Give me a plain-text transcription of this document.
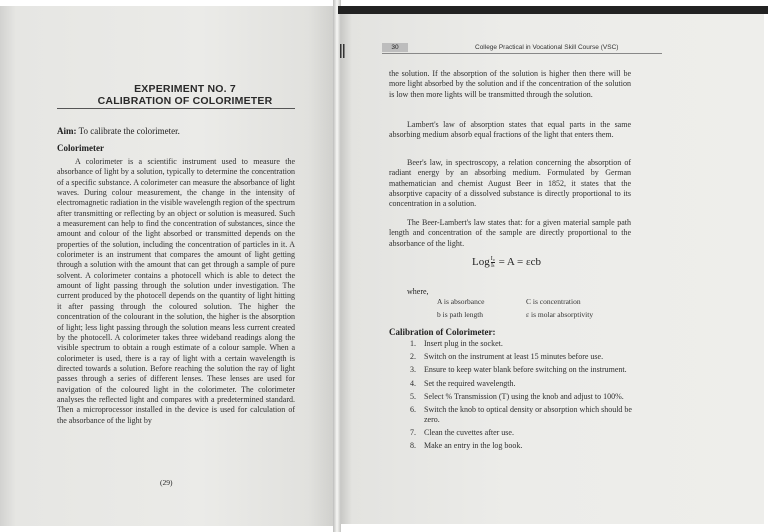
EXPERIMENT NO. 7
CALIBRATION OF COLORIMETER
Aim: To calibrate the colorimeter.
Colorimeter
A colorimeter is a scientific instrument used to measure the absorbance of light by a solution, typically to determine the concentration of a specific substance. A colorimeter can measure the absorbance of light waves. During colour measurement, the change in the intensity of electromagnetic radiation in the visible wavelength region of the spectrum after transmitting or reflecting by an object or solution is measured. Such a measurement can help to find the concentration of substances, since the amount and colour of the light absorbed or transmitted depends on the properties of the solution, including the concentration of particles in it. A colorimeter is an instrument that compares the amount of light getting through a solution with the amount that can get through a sample of pure solvent. A colorimeter contains a photocell which is able to detect the amount of light passing through the solution under investigation. The current produced by the photocell depends on the quantity of light hitting it after passing through the coloured solution. The higher the concentration of the colourant in the solution, the higher is the absorption of light; less light passing through the solution means less current created by the photocell. A colorimeter takes three wideband readings along the visible spectrum to obtain a rough estimate of a colour sample. When a colorimeter is used, there is a ray of light with a certain wavelength is directed towards a solution. Before reaching the solution the ray of light passes through a series of different lenses. These lenses are used for navigation of the coloured light in the colorimeter. The colorimeter analyses the reflected light and compares with a predetermined standard. Then a microprocessor installed in the device is used for calculation of the absorbance of the light by
(29)
30	College Practical in Vocational Skill Course (VSC)
the solution. If the absorption of the solution is higher then there will be more light absorbed by the solution and if the concentration of the solution is low then more lights will be transmitted through the solution.
Lambert's law of absorption states that equal parts in the same absorbing medium absorb equal fractions of the light that enters them.
Beer's law, in spectroscopy, a relation concerning the absorption of radiant energy by an absorbing medium. Formulated by German mathematician and chemist August Beer in 1852, it states that the absorptive capacity of a dissolved substance is directly proportional to its concentration in a solution.
The Beer-Lambert's law states that: for a given material sample path length and concentration of the sample are directly proportional to the absorbance of the light.
Log $\frac{\text{I₀}}{\text{Iₜ}} = A = \varepsilon cb$
where,
A is absorbance	C is concentration
b is path length	ε is molar absorptivity
Calibration of Colorimeter:
1. Insert plug in the socket.
2. Switch on the instrument at least 15 minutes before use.
3. Ensure to keep water blank before switching on the instrument.
4. Set the required wavelength.
5. Select % Transmission (T) using the knob and adjust to 100%.
6. Switch the knob to optical density or absorption which should be zero.
7. Clean the cuvettes after use.
8. Make an entry in the log book.
